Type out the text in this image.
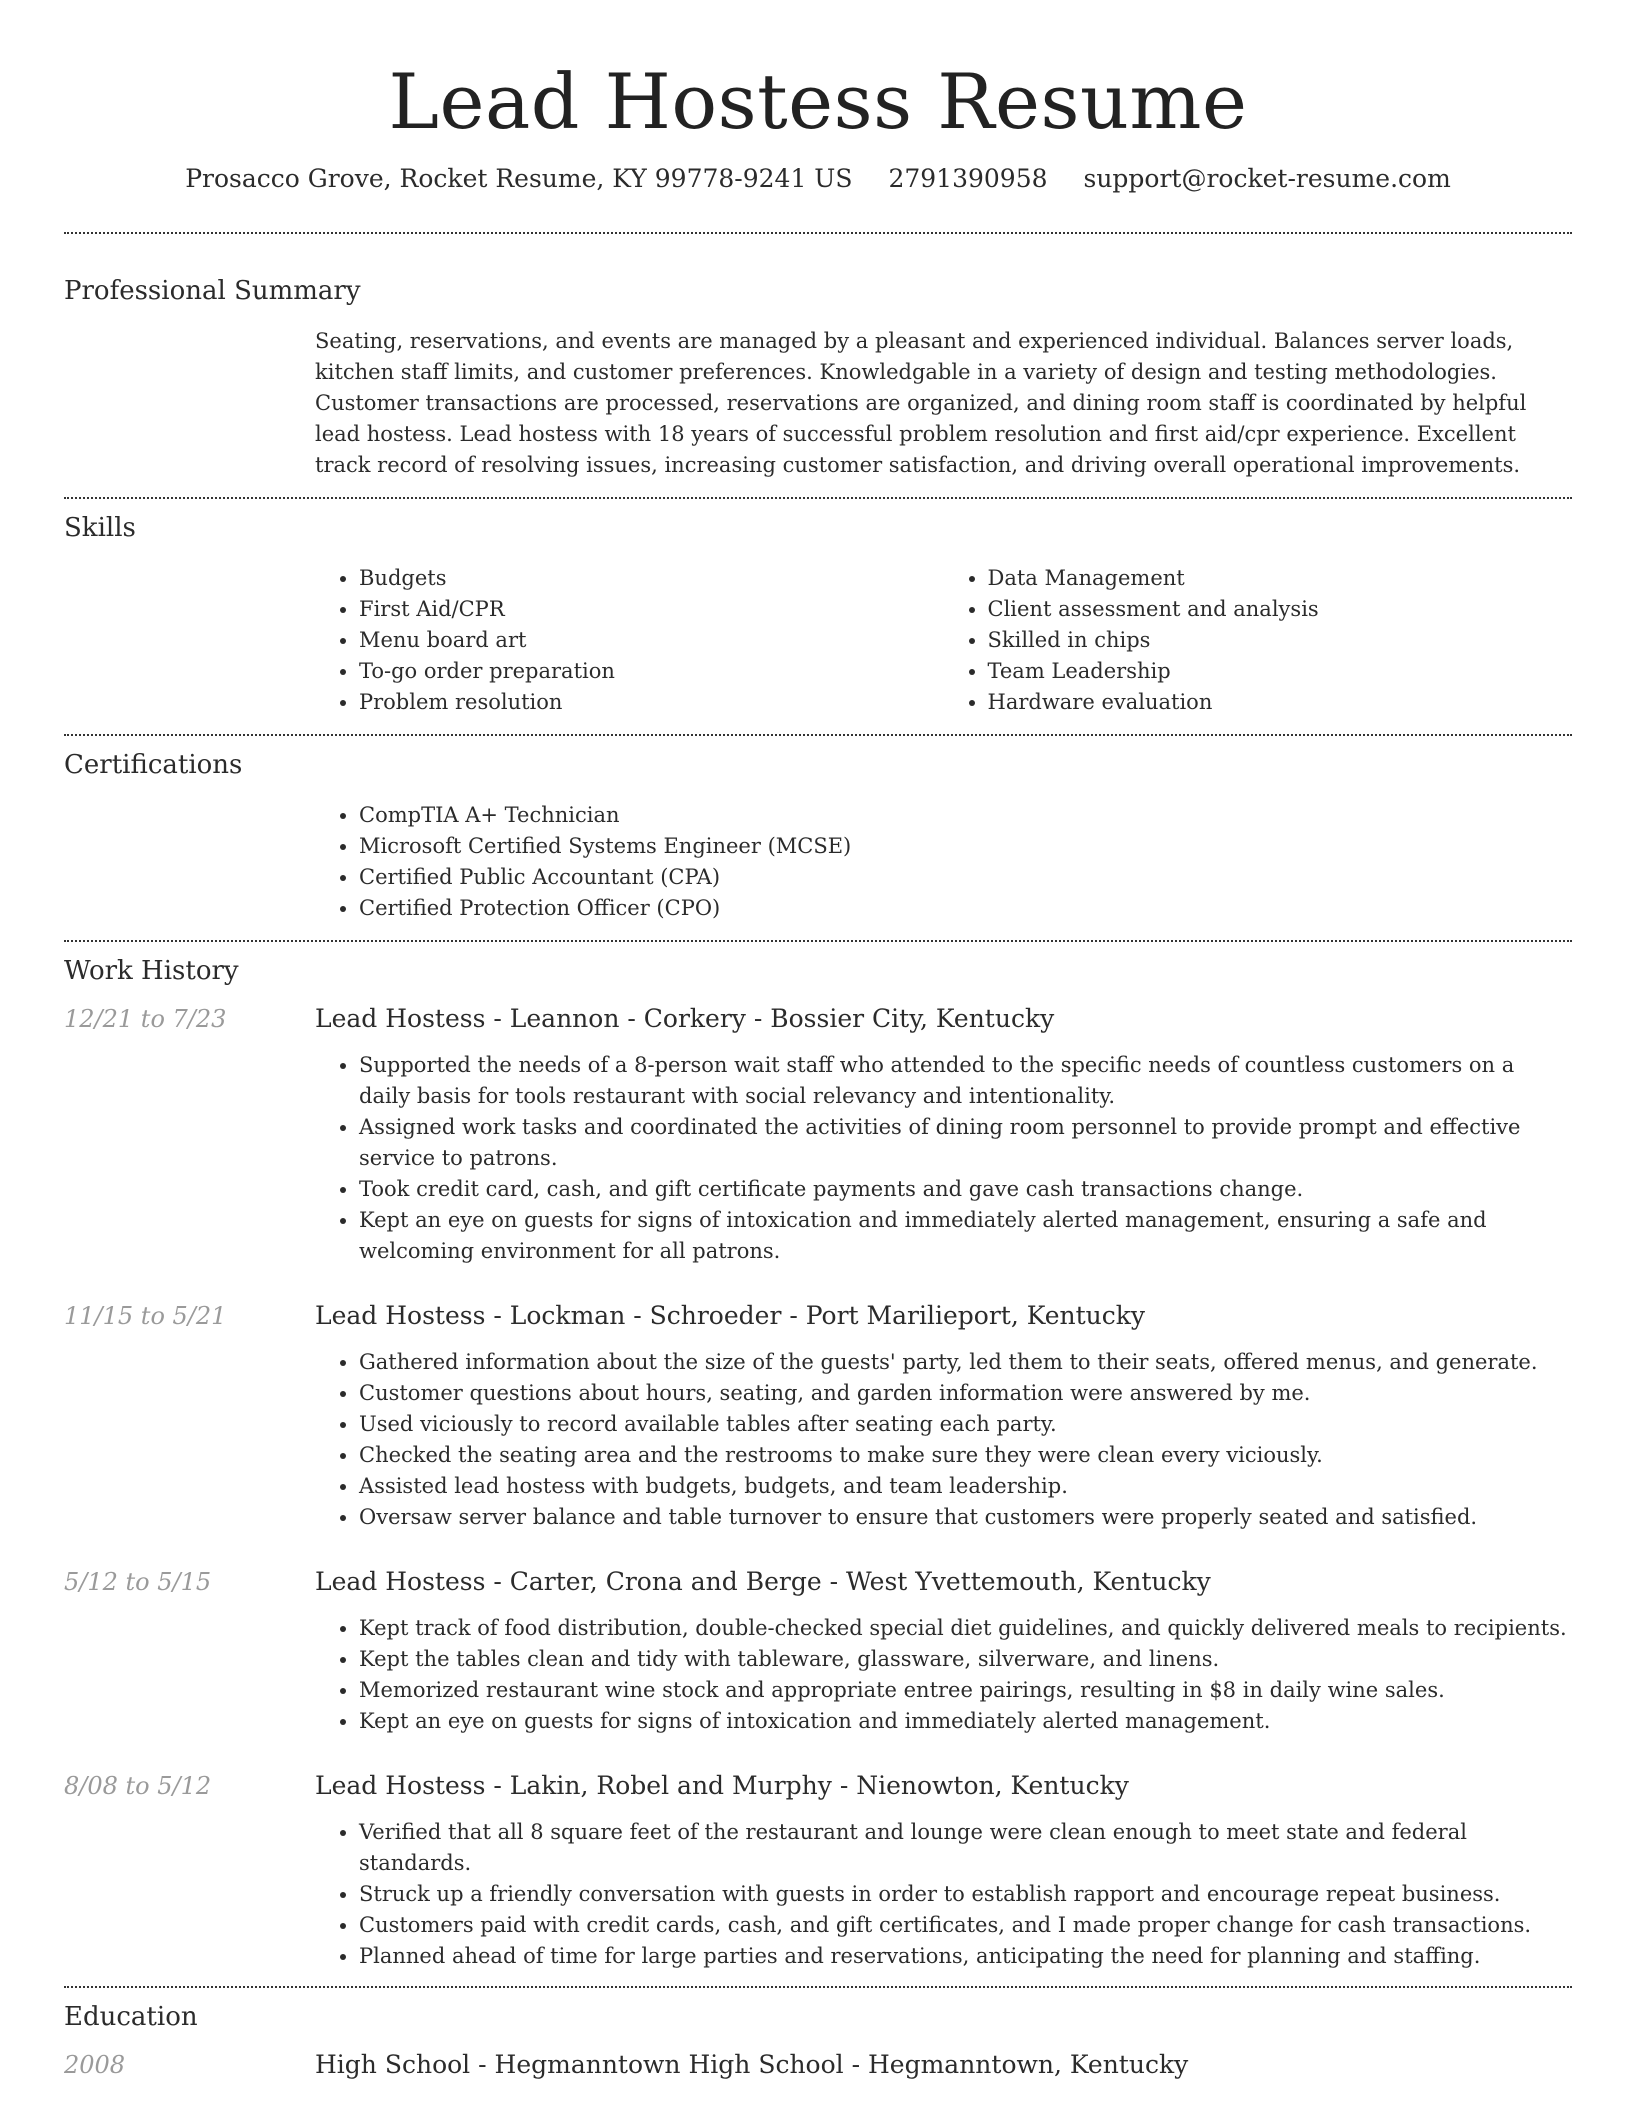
Lead Hostess Resume
Prosacco Grove, Rocket Resume, KY 99778-9241 US 2791390958 support@rocket-resume.com
Professional Summary
Seating, reservations, and events are managed by a pleasant and experienced individual. Balances server loads, kitchen staff limits, and customer preferences. Knowledgable in a variety of design and testing methodologies. Customer transactions are processed, reservations are organized, and dining room staff is coordinated by helpful lead hostess. Lead hostess with 18 years of successful problem resolution and first aid/cpr experience. Excellent track record of resolving issues, increasing customer satisfaction, and driving overall operational improvements.
Skills
• Budgets
• First Aid/CPR
• Menu board art
• To-go order preparation
• Problem resolution
• Data Management
• Client assessment and analysis
• Skilled in chips
• Team Leadership
• Hardware evaluation
Certifications
• CompTIA A+ Technician
• Microsoft Certified Systems Engineer (MCSE)
• Certified Public Accountant (CPA)
• Certified Protection Officer (CPO)
Work History
12/21 to 7/23	Lead Hostess - Leannon - Corkery - Bossier City, Kentucky
• Supported the needs of a 8-person wait staff who attended to the specific needs of countless customers on a daily basis for tools restaurant with social relevancy and intentionality.
• Assigned work tasks and coordinated the activities of dining room personnel to provide prompt and effective service to patrons.
• Took credit card, cash, and gift certificate payments and gave cash transactions change.
• Kept an eye on guests for signs of intoxication and immediately alerted management, ensuring a safe and welcoming environment for all patrons.
11/15 to 5/21	Lead Hostess - Lockman - Schroeder - Port Marilieport, Kentucky
• Gathered information about the size of the guests' party, led them to their seats, offered menus, and generate.
• Customer questions about hours, seating, and garden information were answered by me.
• Used viciously to record available tables after seating each party.
• Checked the seating area and the restrooms to make sure they were clean every viciously.
• Assisted lead hostess with budgets, budgets, and team leadership.
• Oversaw server balance and table turnover to ensure that customers were properly seated and satisfied.
5/12 to 5/15	Lead Hostess - Carter, Crona and Berge - West Yvettemouth, Kentucky
• Kept track of food distribution, double-checked special diet guidelines, and quickly delivered meals to recipients.
• Kept the tables clean and tidy with tableware, glassware, silverware, and linens.
• Memorized restaurant wine stock and appropriate entree pairings, resulting in $8 in daily wine sales.
• Kept an eye on guests for signs of intoxication and immediately alerted management.
8/08 to 5/12	Lead Hostess - Lakin, Robel and Murphy - Nienowton, Kentucky
• Verified that all 8 square feet of the restaurant and lounge were clean enough to meet state and federal standards.
• Struck up a friendly conversation with guests in order to establish rapport and encourage repeat business.
• Customers paid with credit cards, cash, and gift certificates, and I made proper change for cash transactions.
• Planned ahead of time for large parties and reservations, anticipating the need for planning and staffing.
Education
2008	High School - Hegmanntown High School - Hegmanntown, Kentucky
